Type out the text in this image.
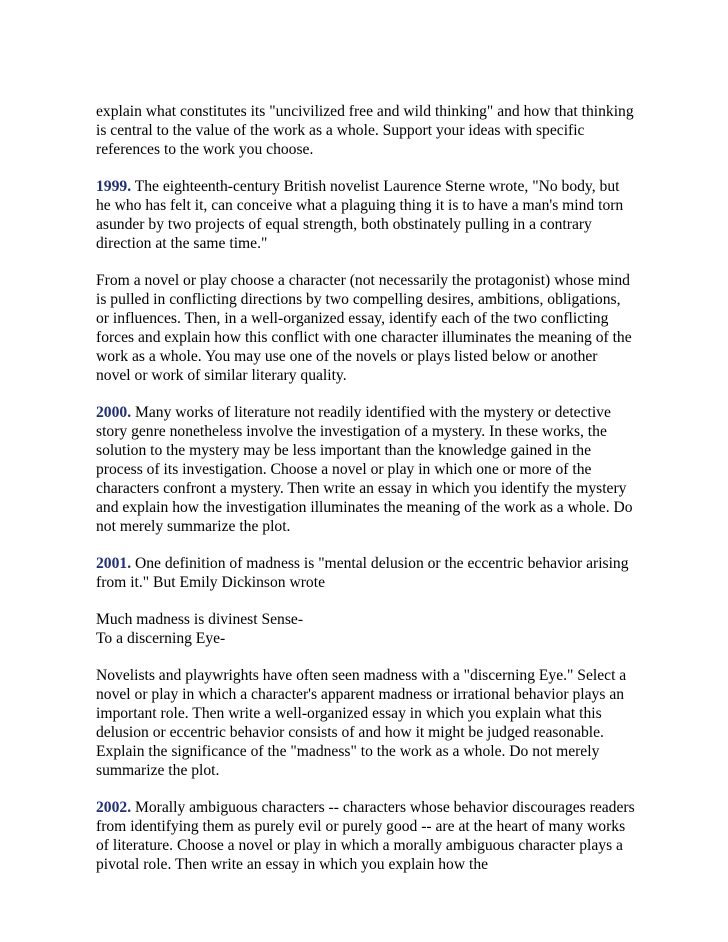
explain what constitutes its "uncivilized free and wild thinking" and how that thinking is central to the value of the work as a whole. Support your ideas with specific references to the work you choose.

1999. The eighteenth-century British novelist Laurence Sterne wrote, "No body, but he who has felt it, can conceive what a plaguing thing it is to have a man's mind torn asunder by two projects of equal strength, both obstinately pulling in a contrary direction at the same time."

From a novel or play choose a character (not necessarily the protagonist) whose mind is pulled in conflicting directions by two compelling desires, ambitions, obligations, or influences. Then, in a well-organized essay, identify each of the two conflicting forces and explain how this conflict with one character illuminates the meaning of the work as a whole. You may use one of the novels or plays listed below or another novel or work of similar literary quality.

2000. Many works of literature not readily identified with the mystery or detective story genre nonetheless involve the investigation of a mystery. In these works, the solution to the mystery may be less important than the knowledge gained in the process of its investigation. Choose a novel or play in which one or more of the characters confront a mystery. Then write an essay in which you identify the mystery and explain how the investigation illuminates the meaning of the work as a whole. Do not merely summarize the plot.

2001. One definition of madness is "mental delusion or the eccentric behavior arising from it." But Emily Dickinson wrote

Much madness is divinest Sense-
To a discerning Eye-

Novelists and playwrights have often seen madness with a "discerning Eye." Select a novel or play in which a character's apparent madness or irrational behavior plays an important role. Then write a well-organized essay in which you explain what this delusion or eccentric behavior consists of and how it might be judged reasonable. Explain the significance of the "madness" to the work as a whole. Do not merely summarize the plot.

2002. Morally ambiguous characters -- characters whose behavior discourages readers from identifying them as purely evil or purely good -- are at the heart of many works of literature. Choose a novel or play in which a morally ambiguous character plays a pivotal role. Then write an essay in which you explain how the
